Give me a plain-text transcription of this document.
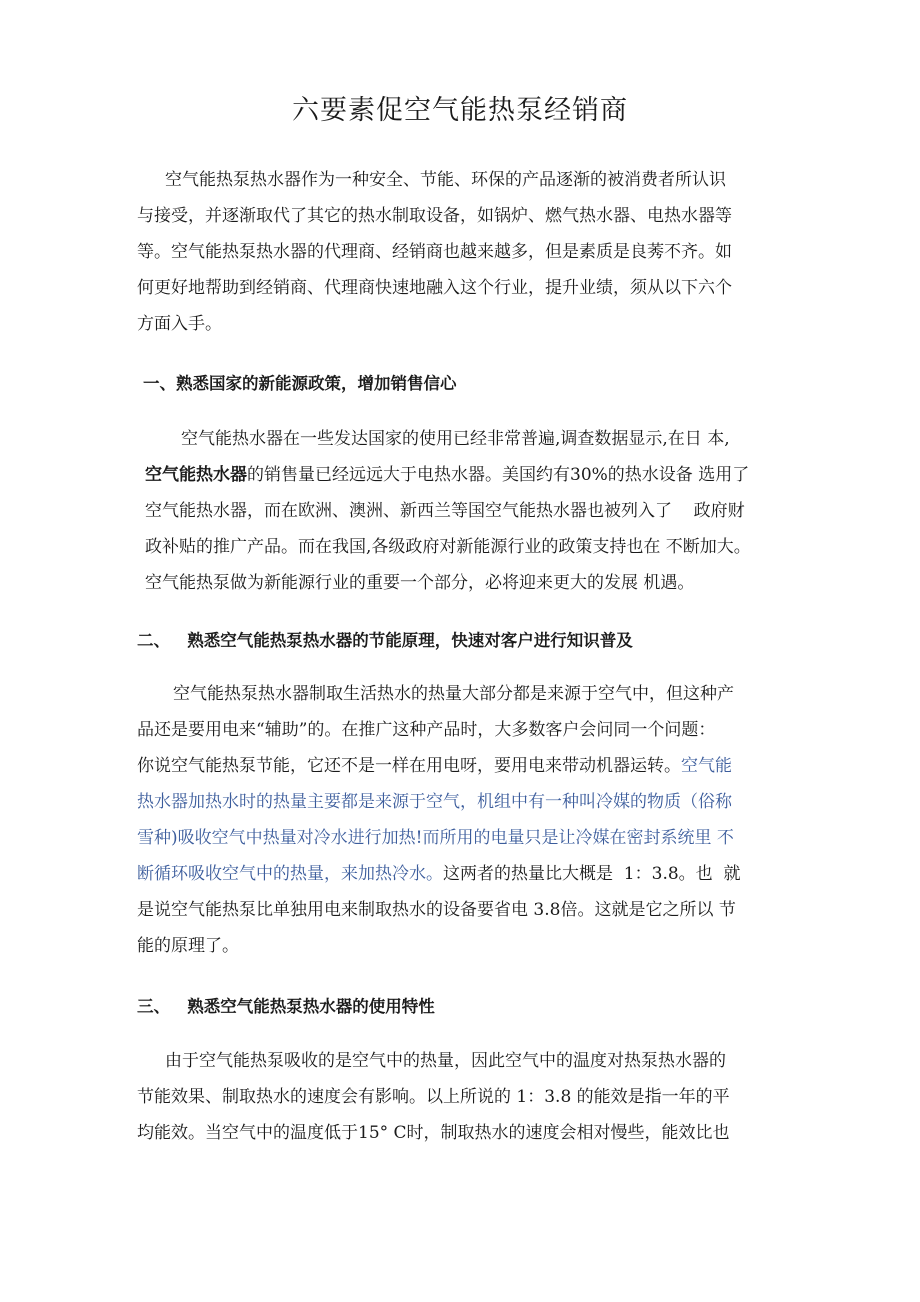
六要素促空气能热泵经销商
空气能热泵热水器作为一种安全、节能、环保的产品逐渐的被消费者所认识
与接受，并逐渐取代了其它的热水制取设备，如锅炉、燃气热水器、电热水器等
等。空气能热泵热水器的代理商、经销商也越来越多，但是素质是良莠不齐。如
何更好地帮助到经销商、代理商快速地融入这个行业，提升业绩，须从以下六个
方面入手。
一、熟悉国家的新能源政策，增加销售信心
空气能热水器在一些发达国家的使用已经非常普遍,调查数据显示,在日 本,
空气能热水器的销售量已经远远大于电热水器。美国约有30%的热水设备 选用了
空气能热水器，而在欧洲、澳洲、新西兰等国空气能热水器也被列入了    政府财
政补贴的推广产品。而在我国,各级政府对新能源行业的政策支持也在 不断加大。
空气能热泵做为新能源行业的重要一个部分，必将迎来更大的发展 机遇。
二、   熟悉空气能热泵热水器的节能原理，快速对客户进行知识普及
空气能热泵热水器制取生活热水的热量大部分都是来源于空气中，但这种产
品还是要用电来“辅助”的。在推广这种产品时，大多数客户会问同一个问题：
你说空气能热泵节能，它还不是一样在用电呀，要用电来带动机器运转。空气能
热水器加热水时的热量主要都是来源于空气，机组中有一种叫冷媒的物质（俗称
雪种)吸收空气中热量对冷水进行加热!而所用的电量只是让冷媒在密封系统里 不
断循环吸收空气中的热量，来加热冷水。这两者的热量比大概是  1：3.8。也  就
是说空气能热泵比单独用电来制取热水的设备要省电 3.8倍。这就是它之所以 节
能的原理了。
三、   熟悉空气能热泵热水器的使用特性
由于空气能热泵吸收的是空气中的热量，因此空气中的温度对热泵热水器的
节能效果、制取热水的速度会有影响。以上所说的 1：3.8 的能效是指一年的平
均能效。当空气中的温度低于15° C时，制取热水的速度会相对慢些，能效比也
